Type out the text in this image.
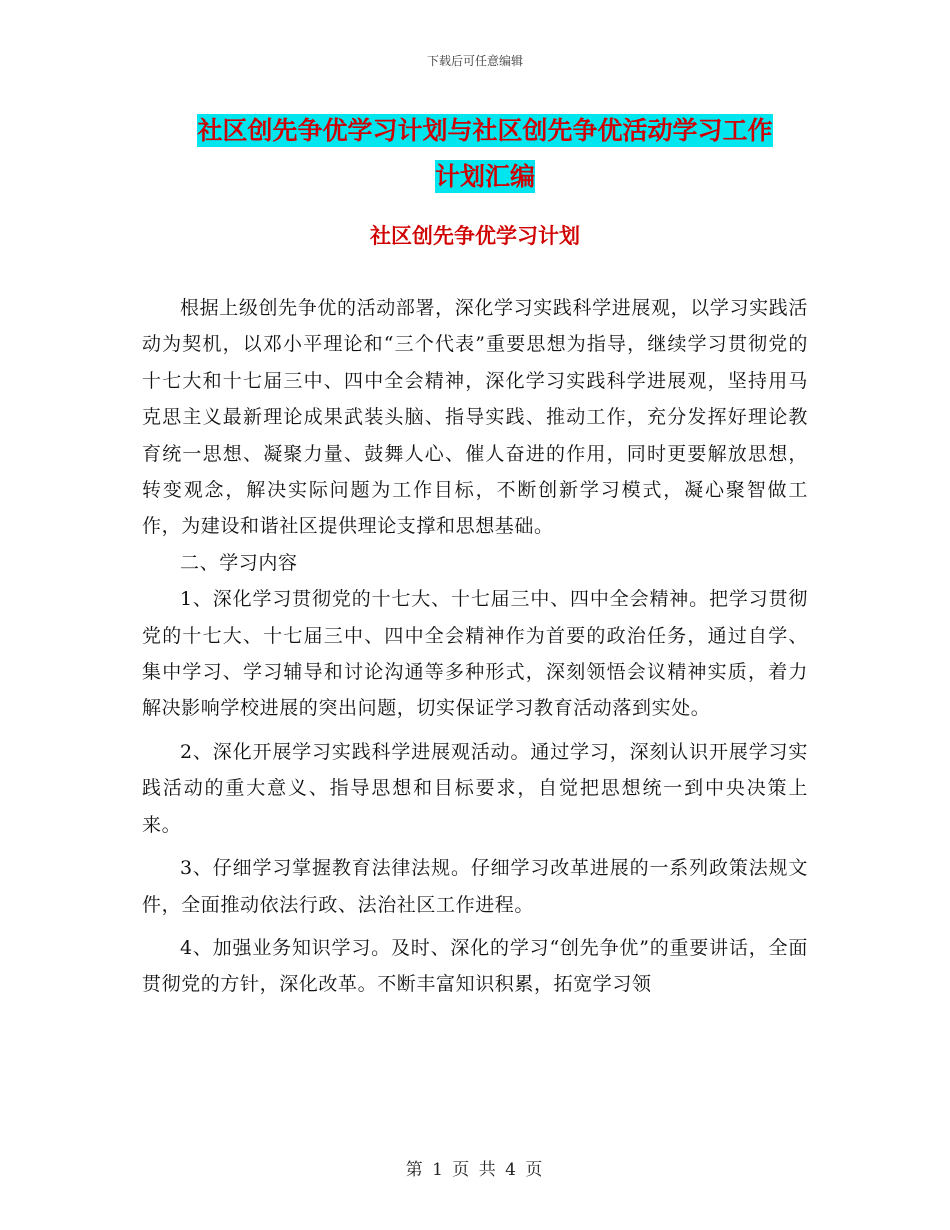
下载后可任意编辑
社区创先争优学习计划与社区创先争优活动学习工作
计划汇编
社区创先争优学习计划

根据上级创先争优的活动部署，深化学习实践科学进展观，以学习实践活动为契机，以邓小平理论和“三个代表”重要思想为指导，继续学习贯彻党的十七大和十七届三中、四中全会精神，深化学习实践科学进展观，坚持用马克思主义最新理论成果武装头脑、指导实践、推动工作，充分发挥好理论教育统一思想、凝聚力量、鼓舞人心、催人奋进的作用，同时更要解放思想，转变观念，解决实际问题为工作目标，不断创新学习模式，凝心聚智做工作，为建设和谐社区提供理论支撑和思想基础。

二、学习内容

1、深化学习贯彻党的十七大、十七届三中、四中全会精神。把学习贯彻党的十七大、十七届三中、四中全会精神作为首要的政治任务，通过自学、集中学习、学习辅导和讨论沟通等多种形式，深刻领悟会议精神实质，着力解决影响学校进展的突出问题，切实保证学习教育活动落到实处。

2、深化开展学习实践科学进展观活动。通过学习，深刻认识开展学习实践活动的重大意义、指导思想和目标要求，自觉把思想统一到中央决策上来。

3、仔细学习掌握教育法律法规。仔细学习改革进展的一系列政策法规文件，全面推动依法行政、法治社区工作进程。

4、加强业务知识学习。及时、深化的学习“创先争优”的重要讲话，全面贯彻党的方针，深化改革。不断丰富知识积累，拓宽学习领

第 1 页 共 4 页
